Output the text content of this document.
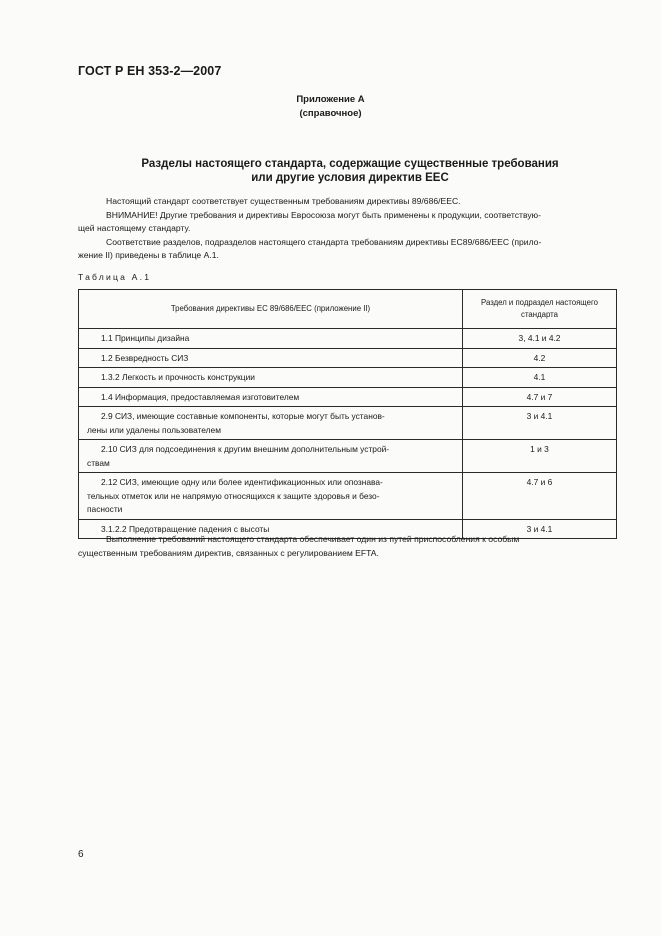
ГОСТ Р ЕН 353-2—2007
Приложение А
(справочное)
Разделы настоящего стандарта, содержащие существенные требования
или другие условия директив ЕЕС
Настоящий стандарт соответствует существенным требованиям директивы 89/686/ЕЕС.
ВНИМАНИЕ! Другие требования и директивы Евросоюза могут быть применены к продукции, соответствую-
щей настоящему стандарту.
Соответствие разделов, подразделов настоящего стандарта требованиям директивы ЕС89/686/ЕЕС (прило-
жение II) приведены в таблице А.1.
Таблица А.1
Требования директивы ЕС 89/686/ЕЕС (приложение II)	Раздел и подраздел настоящего
стандарта

1.1 Принципы дизайна	3, 4.1 и 4.2

1.2 Безвредность СИЗ	4.2

1.3.2 Легкость и прочность конструкции	4.1

1.4 Информация, предоставляемая изготовителем	4.7 и 7

2.9 СИЗ, имеющие составные компоненты, которые могут быть установ-
лены или удалены пользователем	3 и 4.1

2.10 СИЗ для подсоединения к другим внешним дополнительным устрой-
ствам	1 и 3

2.12 СИЗ, имеющие одну или более идентификационных или опознава-
тельных отметок или не напрямую относящихся к защите здоровья и безо-
пасности	4.7 и 6

3.1.2.2 Предотвращение падения с высоты	3 и 4.1
Выполнение требований настоящего стандарта обеспечивает один из путей приспособления к особым
существенным требованиям директив, связанных с регулированием EFTA.
6
